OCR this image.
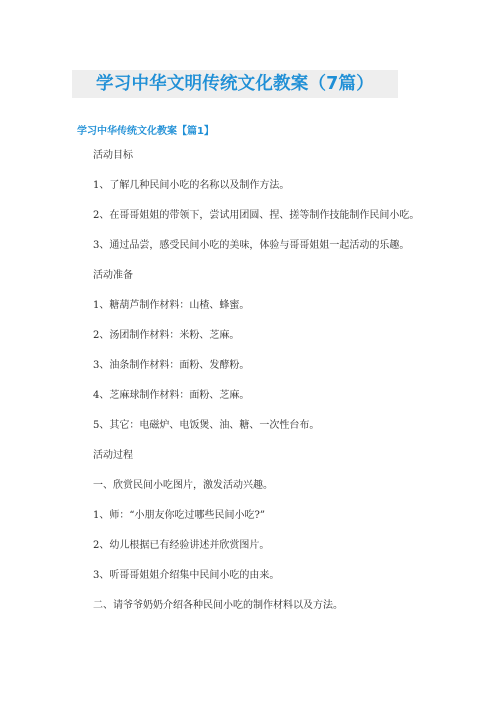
学习中华文明传统文化教案（7篇）
学习中华传统文化教案【篇1】
活动目标
1、了解几种民间小吃的名称以及制作方法。
2、在哥哥姐姐的带领下，尝试用团圆、捏、搓等制作技能制作民间小吃。
3、通过品尝，感受民间小吃的美味，体验与哥哥姐姐一起活动的乐趣。
活动准备
1、糖葫芦制作材料：山楂、蜂蜜。
2、汤团制作材料：米粉、芝麻。
3、油条制作材料：面粉、发酵粉。
4、芝麻球制作材料：面粉、芝麻。
5、其它：电磁炉、电饭煲、油、糖、一次性台布。
活动过程
一、欣赏民间小吃图片，激发活动兴趣。
1、师：“小朋友你吃过哪些民间小吃?”
2、幼儿根据已有经验讲述并欣赏图片。
3、听哥哥姐姐介绍集中民间小吃的由来。
二、请爷爷奶奶介绍各种民间小吃的制作材料以及方法。
